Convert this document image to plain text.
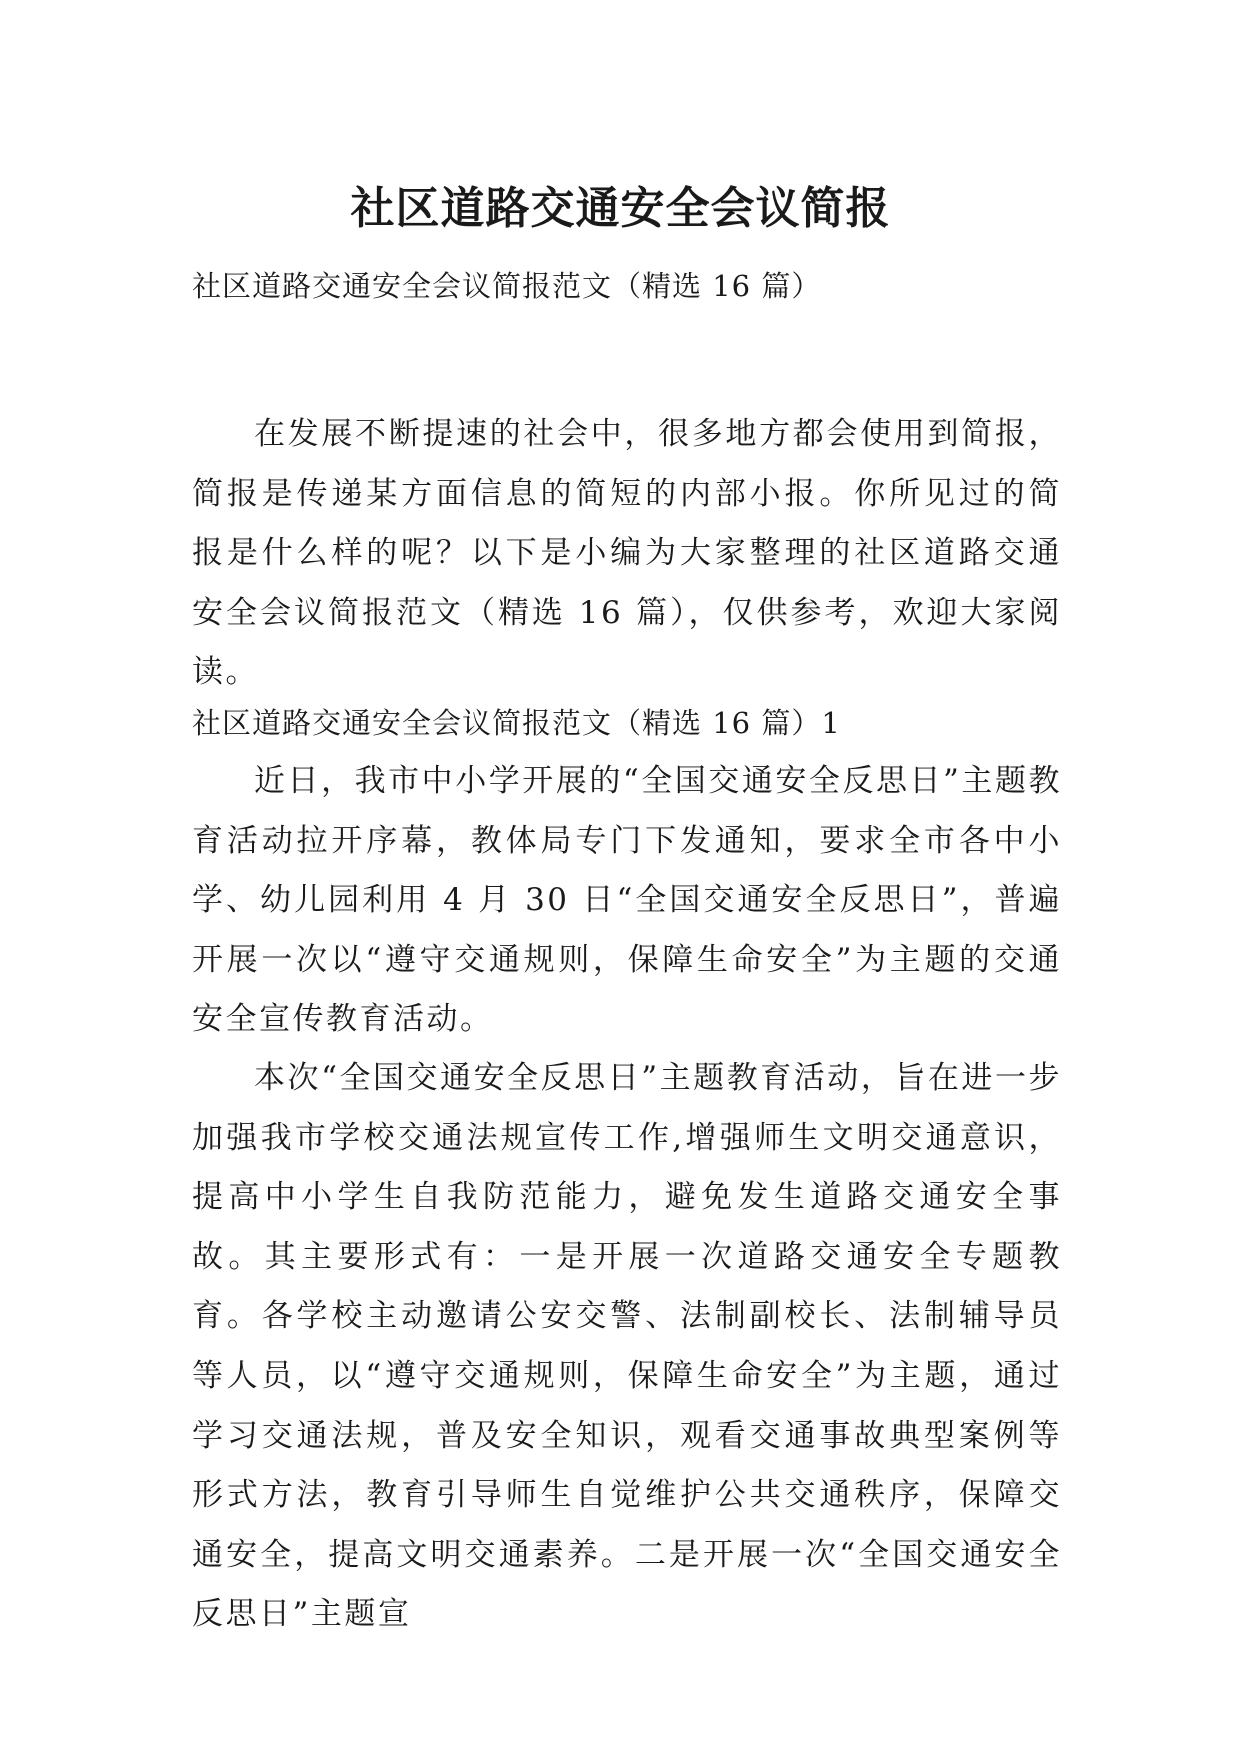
社区道路交通安全会议简报
社区道路交通安全会议简报范文（精选 16 篇）

在发展不断提速的社会中，很多地方都会使用到简报，简报是传递某方面信息的简短的内部小报。你所见过的简报是什么样的呢？以下是小编为大家整理的社区道路交通安全会议简报范文（精选 16 篇），仅供参考，欢迎大家阅读。

社区道路交通安全会议简报范文（精选 16 篇）1

近日，我市中小学开展的“全国交通安全反思日”主题教育活动拉开序幕，教体局专门下发通知，要求全市各中小学、幼儿园利用 4 月 30 日“全国交通安全反思日”，普遍开展一次以“遵守交通规则，保障生命安全”为主题的交通安全宣传教育活动。

本次“全国交通安全反思日”主题教育活动，旨在进一步加强我市学校交通法规宣传工作,增强师生文明交通意识，提高中小学生自我防范能力，避免发生道路交通安全事故。其主要形式有：一是开展一次道路交通安全专题教育。各学校主动邀请公安交警、法制副校长、法制辅导员等人员，以“遵守交通规则，保障生命安全”为主题，通过学习交通法规，普及安全知识，观看交通事故典型案例等形式方法，教育引导师生自觉维护公共交通秩序，保障交通安全，提高文明交通素养。二是开展一次“全国交通安全反思日”主题宣
